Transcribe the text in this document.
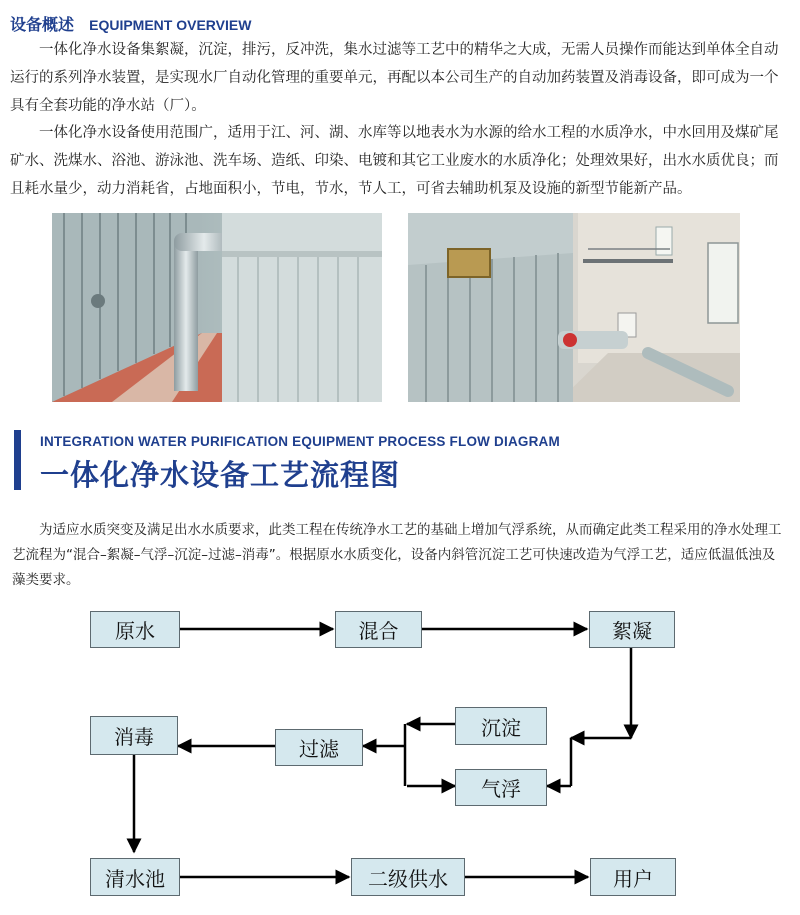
设备概述 EQUIPMENT OVERVIEW

一体化净水设备集絮凝，沉淀，排污，反冲洗，集水过滤等工艺中的精华之大成，无需人员操作而能达到单体全自动运行的系列净水装置，是实现水厂自动化管理的重要单元，再配以本公司生产的自动加药装置及消毒设备，即可成为一个具有全套功能的净水站（厂）。

一体化净水设备使用范围广，适用于江、河、湖、水库等以地表水为水源的给水工程的水质净水，中水回用及煤矿尾矿水、洗煤水、浴池、游泳池、洗车场、造纸、印染、电镀和其它工业废水的水质净化；处理效果好，出水水质优良；而且耗水量少，动力消耗省，占地面积小，节电，节水，节人工，可省去辅助机泵及设施的新型节能新产品。

INTEGRATION WATER PURIFICATION EQUIPMENT PROCESS FLOW DIAGRAM
一体化净水设备工艺流程图

为适应水质突变及满足出水水质要求，此类工程在传统净水工艺的基础上增加气浮系统，从而确定此类工程采用的净水处理工艺流程为“混合–絮凝–气浮–沉淀–过滤–消毒”。根据原水水质变化，设备内斜管沉淀工艺可快速改造为气浮工艺，适应低温低浊及藻类要求。

原水	混合	絮凝
沉淀
气浮
过滤
消毒
清水池	二级供水	用户
